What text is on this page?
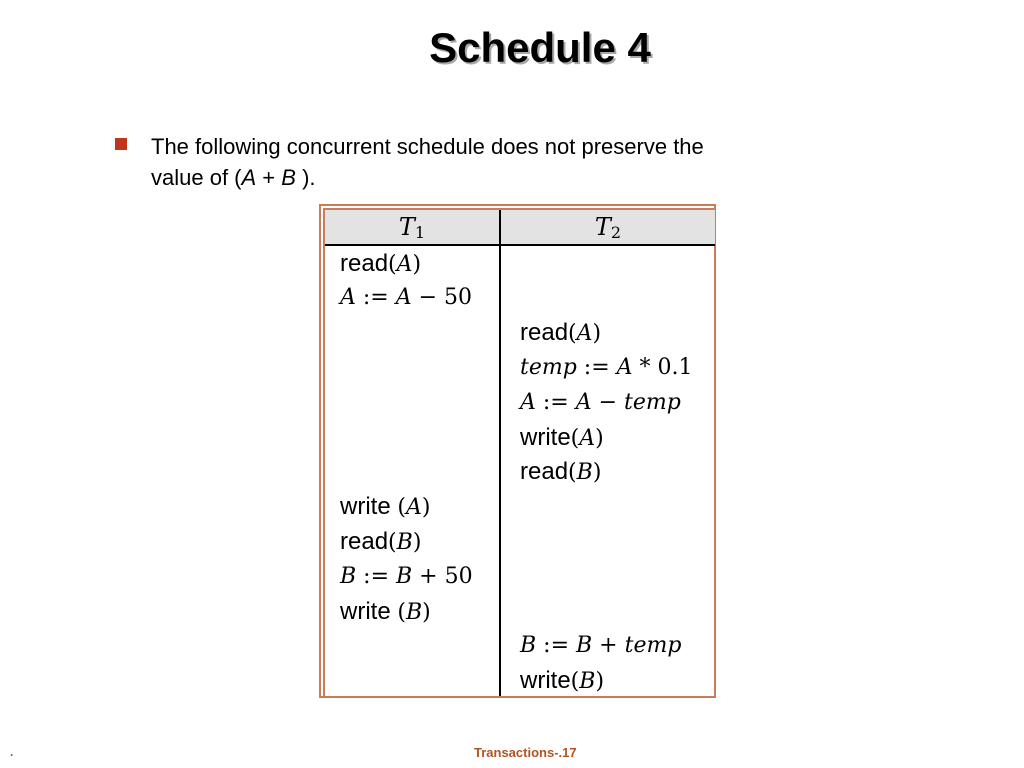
Schedule 4
The following concurrent schedule does not preserve the
value of (A + B ).
$T_1$	$T_2$
read(A)
A := A − 50
write (A)
read(B)
B := B + 50
write (B)
read(A)
temp := A * 0.1
A := A − temp
write(A)
read(B)
B := B + temp
write(B)
.	Transactions-.17
